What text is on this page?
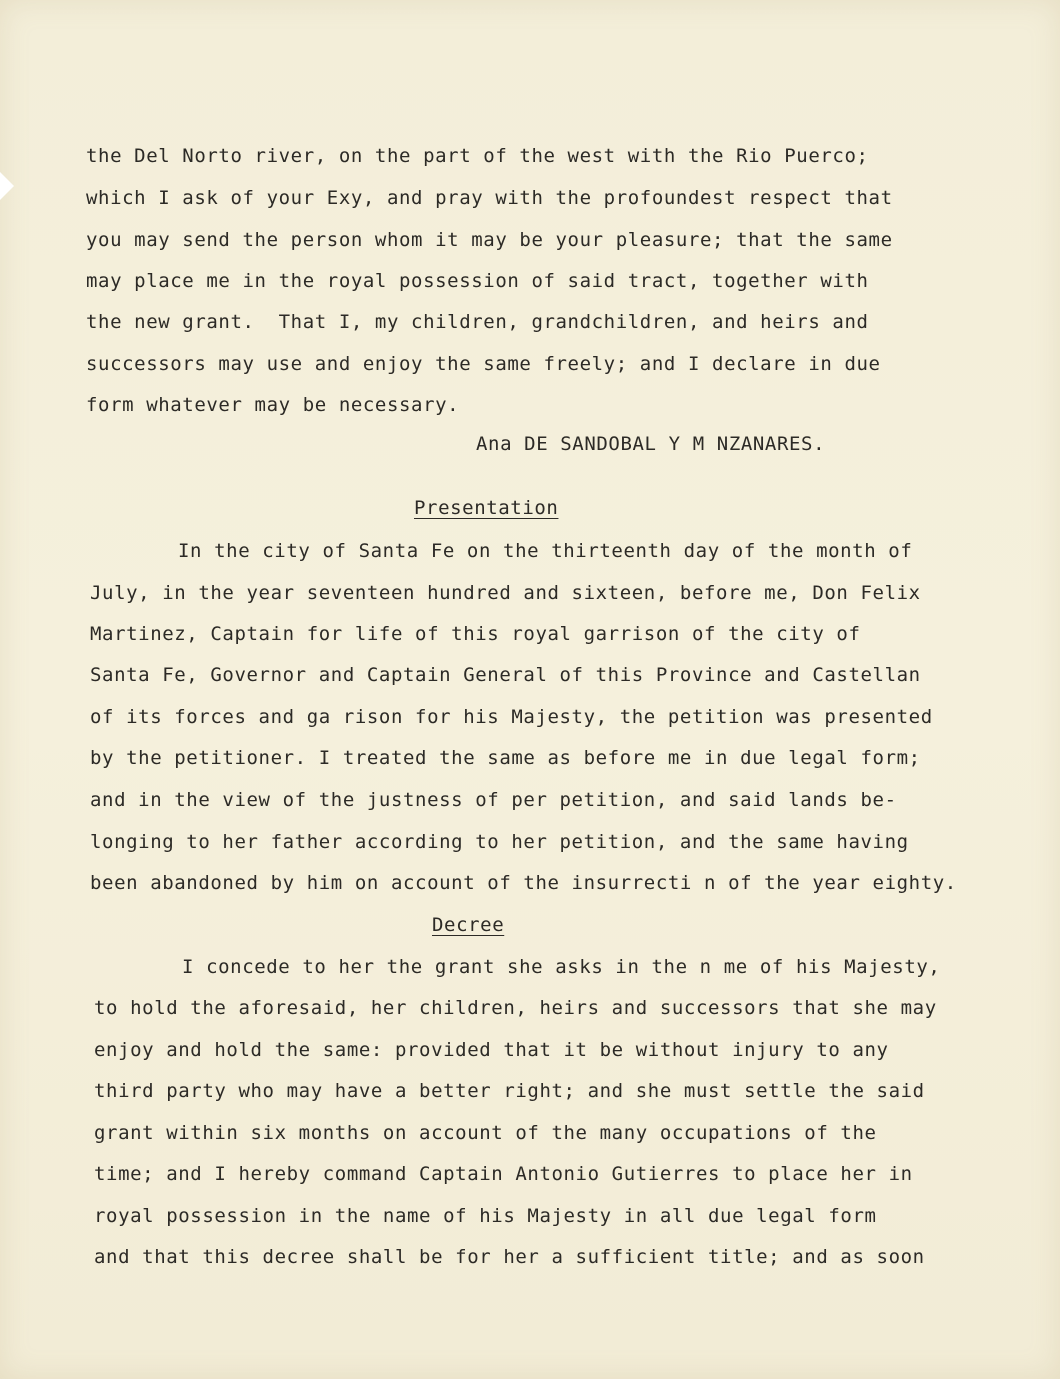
the Del Norto river, on the part of the west with the Rio Puerco;
which I ask of your Exy, and pray with the profoundest respect that
you may send the person whom it may be your pleasure; that the same
may place me in the royal possession of said tract, together with
the new grant.  That I, my children, grandchildren, and heirs and
successors may use and enjoy the same freely; and I declare in due
form whatever may be necessary.
Ana DE SANDOBAL Y M NZANARES.
Presentation
In the city of Santa Fe on the thirteenth day of the month of
July, in the year seventeen hundred and sixteen, before me, Don Felix
Martinez, Captain for life of this royal garrison of the city of
Santa Fe, Governor and Captain General of this Province and Castellan
of its forces and ga rison for his Majesty, the petition was presented
by the petitioner. I treated the same as before me in due legal form;
and in the view of the justness of per petition, and said lands be-
longing to her father according to her petition, and the same having
been abandoned by him on account of the insurrecti n of the year eighty.
Decree
I concede to her the grant she asks in the n me of his Majesty,
to hold the aforesaid, her children, heirs and successors that she may
enjoy and hold the same: provided that it be without injury to any
third party who may have a better right; and she must settle the said
grant within six months on account of the many occupations of the
time; and I hereby command Captain Antonio Gutierres to place her in
royal possession in the name of his Majesty in all due legal form
and that this decree shall be for her a sufficient title; and as soon
